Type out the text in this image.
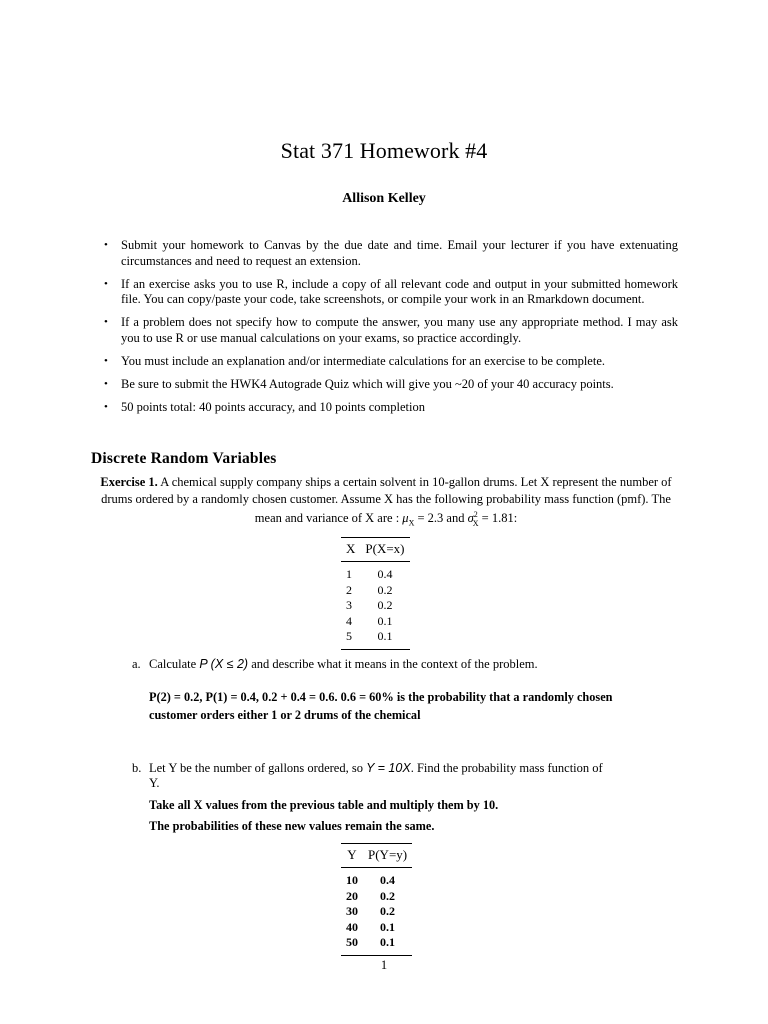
Stat 371 Homework #4
Allison Kelley
• Submit your homework to Canvas by the due date and time. Email your lecturer if you have extenuating circumstances and need to request an extension.
• If an exercise asks you to use R, include a copy of all relevant code and output in your submitted homework file. You can copy/paste your code, take screenshots, or compile your work in an Rmarkdown document.
• If a problem does not specify how to compute the answer, you many use any appropriate method. I may ask you to use R or use manual calculations on your exams, so practice accordingly.
• You must include an explanation and/or intermediate calculations for an exercise to be complete.
• Be sure to submit the HWK4 Autograde Quiz which will give you ~20 of your 40 accuracy points.
• 50 points total: 40 points accuracy, and 10 points completion
Discrete Random Variables
Exercise 1. A chemical supply company ships a certain solvent in 10-gallon drums. Let X represent the number of drums ordered by a randomly chosen customer. Assume X has the following probability mass function (pmf). The mean and variance of X are : $\mu_X = 2.3$ and $\sigma^2_X = 1.81$:
X	P(X=x)
1	0.4
2	0.2
3	0.2
4	0.1
5	0.1
a. Calculate P (X ≤ 2) and describe what it means in the context of the problem.
P(2) = 0.2, P(1) = 0.4, 0.2 + 0.4 = 0.6. 0.6 = 60% is the probability that a randomly chosen
customer orders either 1 or 2 drums of the chemical
b. Let Y be the number of gallons ordered, so Y = 10X. Find the probability mass function of
Y.
Take all X values from the previous table and multiply them by 10.
The probabilities of these new values remain the same.
Y	P(Y=y)
10	0.4
20	0.2
30	0.2
40	0.1
50	0.1
1
